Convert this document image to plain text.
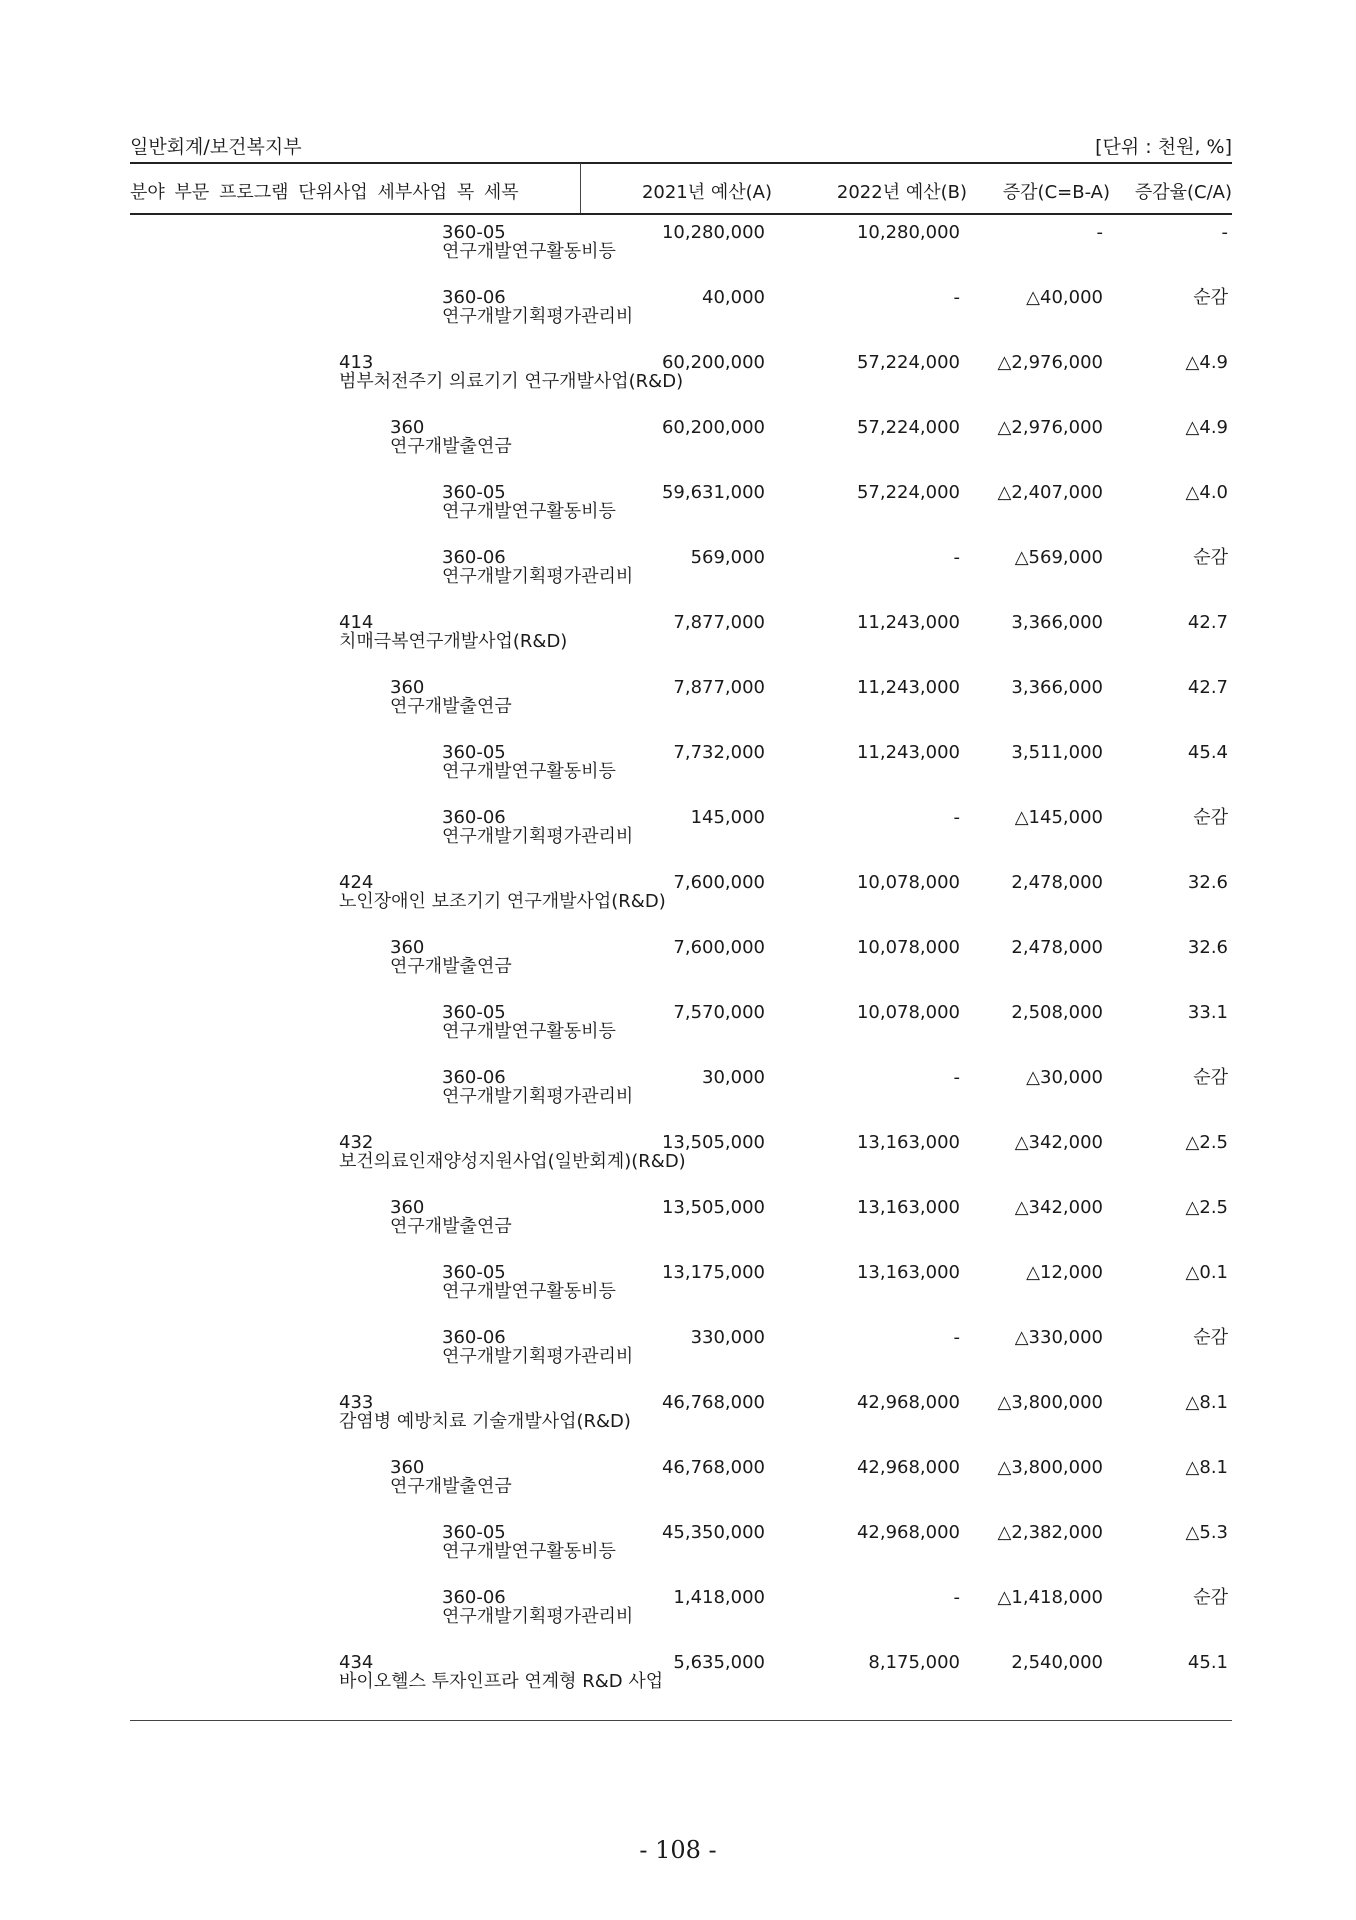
일반회계/보건복지부	[단위 : 천원, %]
분야 부문 프로그램 단위사업 세부사업 목 세목	2021년 예산(A)	2022년 예산(B) 증감(C=B-A) 증감율(C/A)
360-05
연구개발연구활동비등
10,280,000	10,280,000	-	-
360-06
연구개발기획평가관리비
40,000	-	△40,000	순감
413
범부처전주기 의료기기 연구개발사업(R&D)
60,200,000	57,224,000 △2,976,000	△4.9
360
연구개발출연금
60,200,000	57,224,000 △2,976,000	△4.9
360-05
연구개발연구활동비등
59,631,000	57,224,000 △2,407,000	△4.0
360-06
연구개발기획평가관리비
569,000	-	△569,000	순감
414
치매극복연구개발사업(R&D)
7,877,000	11,243,000	3,366,000	42.7
360
연구개발출연금
7,877,000	11,243,000	3,366,000	42.7
360-05
연구개발연구활동비등
7,732,000	11,243,000	3,511,000	45.4
360-06
연구개발기획평가관리비
145,000	-	△145,000	순감
424
노인장애인 보조기기 연구개발사업(R&D)
7,600,000	10,078,000	2,478,000	32.6
360
연구개발출연금
7,600,000	10,078,000	2,478,000	32.6
360-05
연구개발연구활동비등
7,570,000	10,078,000	2,508,000	33.1
360-06
연구개발기획평가관리비
30,000	-	△30,000	순감
432
보건의료인재양성지원사업(일반회계)(R&D)
13,505,000	13,163,000	△342,000	△2.5
360
연구개발출연금
13,505,000	13,163,000	△342,000	△2.5
360-05
연구개발연구활동비등
13,175,000	13,163,000	△12,000	△0.1
360-06
연구개발기획평가관리비
330,000	-	△330,000	순감
433
감염병 예방치료 기술개발사업(R&D)
46,768,000	42,968,000 △3,800,000	△8.1
360
연구개발출연금
46,768,000	42,968,000 △3,800,000	△8.1
360-05
연구개발연구활동비등
45,350,000	42,968,000 △2,382,000	△5.3
360-06
연구개발기획평가관리비
1,418,000	- △1,418,000	순감
434
바이오헬스 투자인프라 연계형 R&D 사업
5,635,000	8,175,000	2,540,000	45.1
- 108 -
